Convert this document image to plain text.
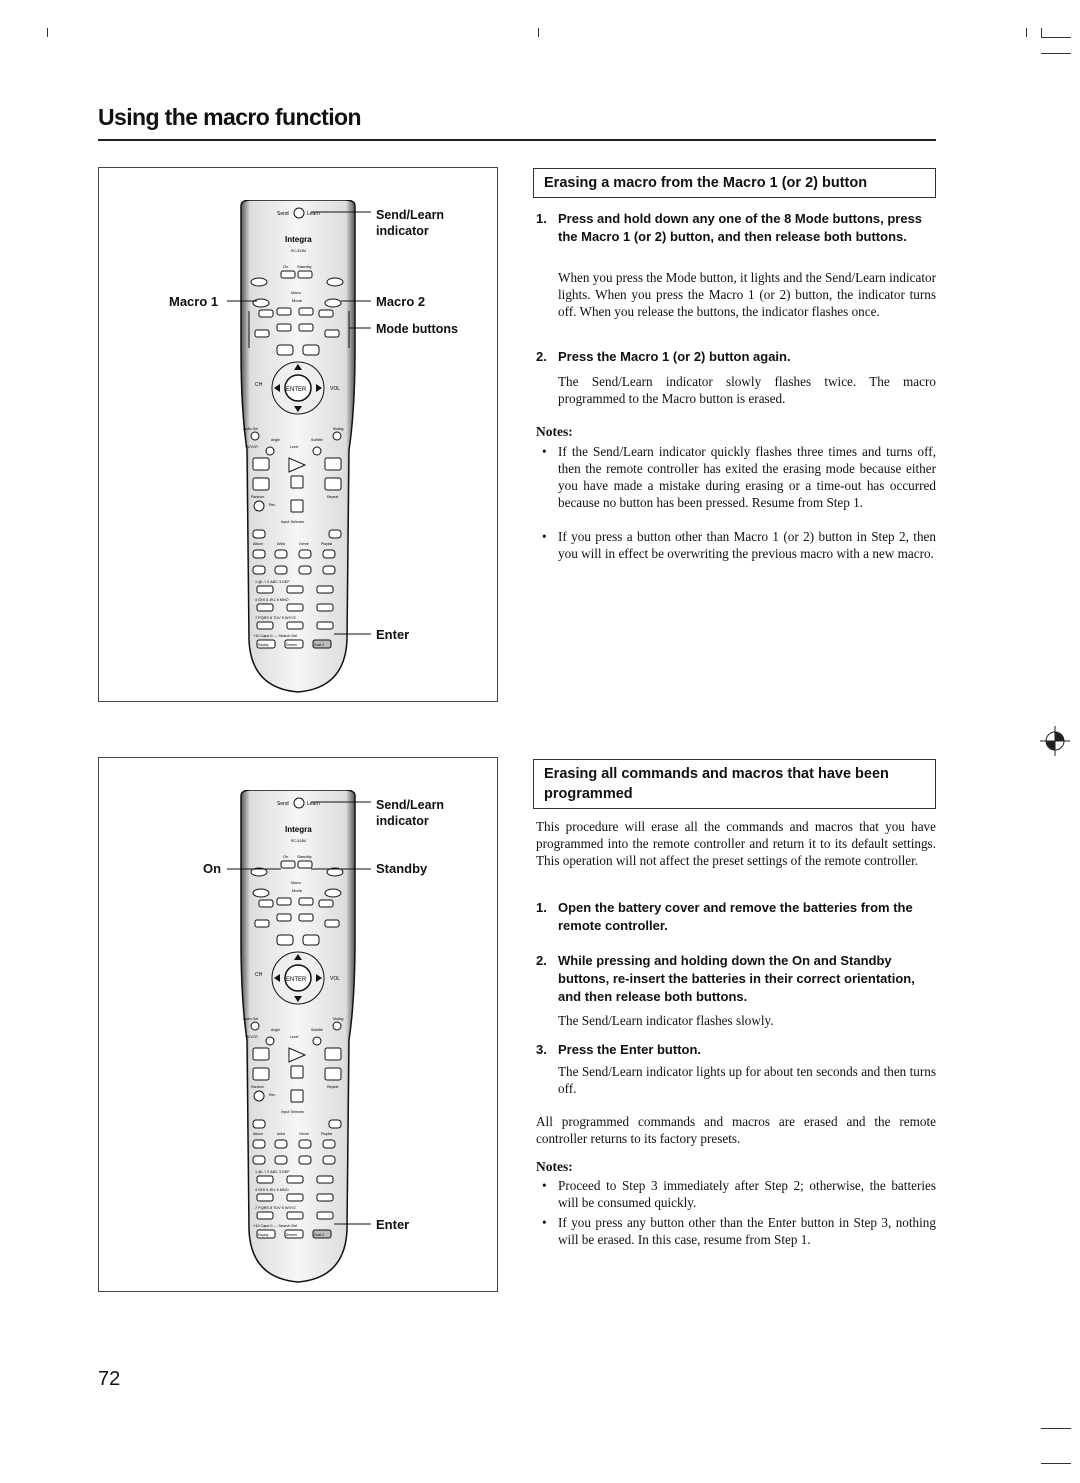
Using the macro function
Send	Learn
Integra
RC-514M
On Standby
Macro
Mode
ENTER
CH
VOL
Audio Sel	Muting
Angle	Subtitle
TV/VCR	Level
Random	Repeat
Rec
Input Selector
Album	Artist	Genre	Playlist
1 @.-'/ 2 ABC 3 DEF
4 GHI 5 JKL 6 MNO
7 PQRS 8 TUV 9 WXYZ
+10 Caps 0 --- Search Del
Display	Dimmer	Zone 2
Send/Learn
indicator
Macro 1	Macro 2
Mode buttons
Enter
Send	Learn
Integra
RC-514M
On Standby
Macro
Mode
ENTER
CH
VOL
Audio Sel	Muting
Angle	Subtitle
TV/VCR	Level
Random	Repeat
Rec
Input Selector
Album	Artist	Genre	Playlist
1 @.-'/ 2 ABC 3 DEF
4 GHI 5 JKL 6 MNO
7 PQRS 8 TUV 9 WXYZ
+10 Caps 0 --- Search Del
Display	Dimmer	Zone 2
Send/Learn
indicator
On	Standby
Enter
Erasing a macro from the Macro 1 (or 2) button
1. Press and hold down any one of the 8 Mode buttons, press the Macro 1 (or 2) button, and then release both buttons.
When you press the Mode button, it lights and the Send/Learn indicator lights. When you press the Macro 1 (or 2) button, the indicator turns off. When you release the buttons, the indicator flashes once.
2. Press the Macro 1 (or 2) button again.
The Send/Learn indicator slowly flashes twice. The macro programmed to the Macro button is erased.
Notes:
• If the Send/Learn indicator quickly flashes three times and turns off, then the remote controller has exited the erasing mode because either you have made a mistake during erasing or a time-out has occurred because no button has been pressed. Resume from Step 1.
• If you press a button other than Macro 1 (or 2) button in Step 2, then you will in effect be overwriting the previous macro with a new macro.
Erasing all commands and macros that have been programmed
This procedure will erase all the commands and macros that you have programmed into the remote controller and return it to its default settings. This operation will not affect the preset settings of the remote controller.
1. Open the battery cover and remove the batteries from the remote controller.
2. While pressing and holding down the On and Standby buttons, re-insert the batteries in their correct orientation, and then release both buttons.
The Send/Learn indicator flashes slowly.
3. Press the Enter button.
The Send/Learn indicator lights up for about ten seconds and then turns off.
All programmed commands and macros are erased and the remote controller returns to its factory presets.
Notes:
• Proceed to Step 3 immediately after Step 2; otherwise, the batteries will be consumed quickly.
• If you press any button other than the Enter button in Step 3, nothing will be erased. In this case, resume from Step 1.
72
